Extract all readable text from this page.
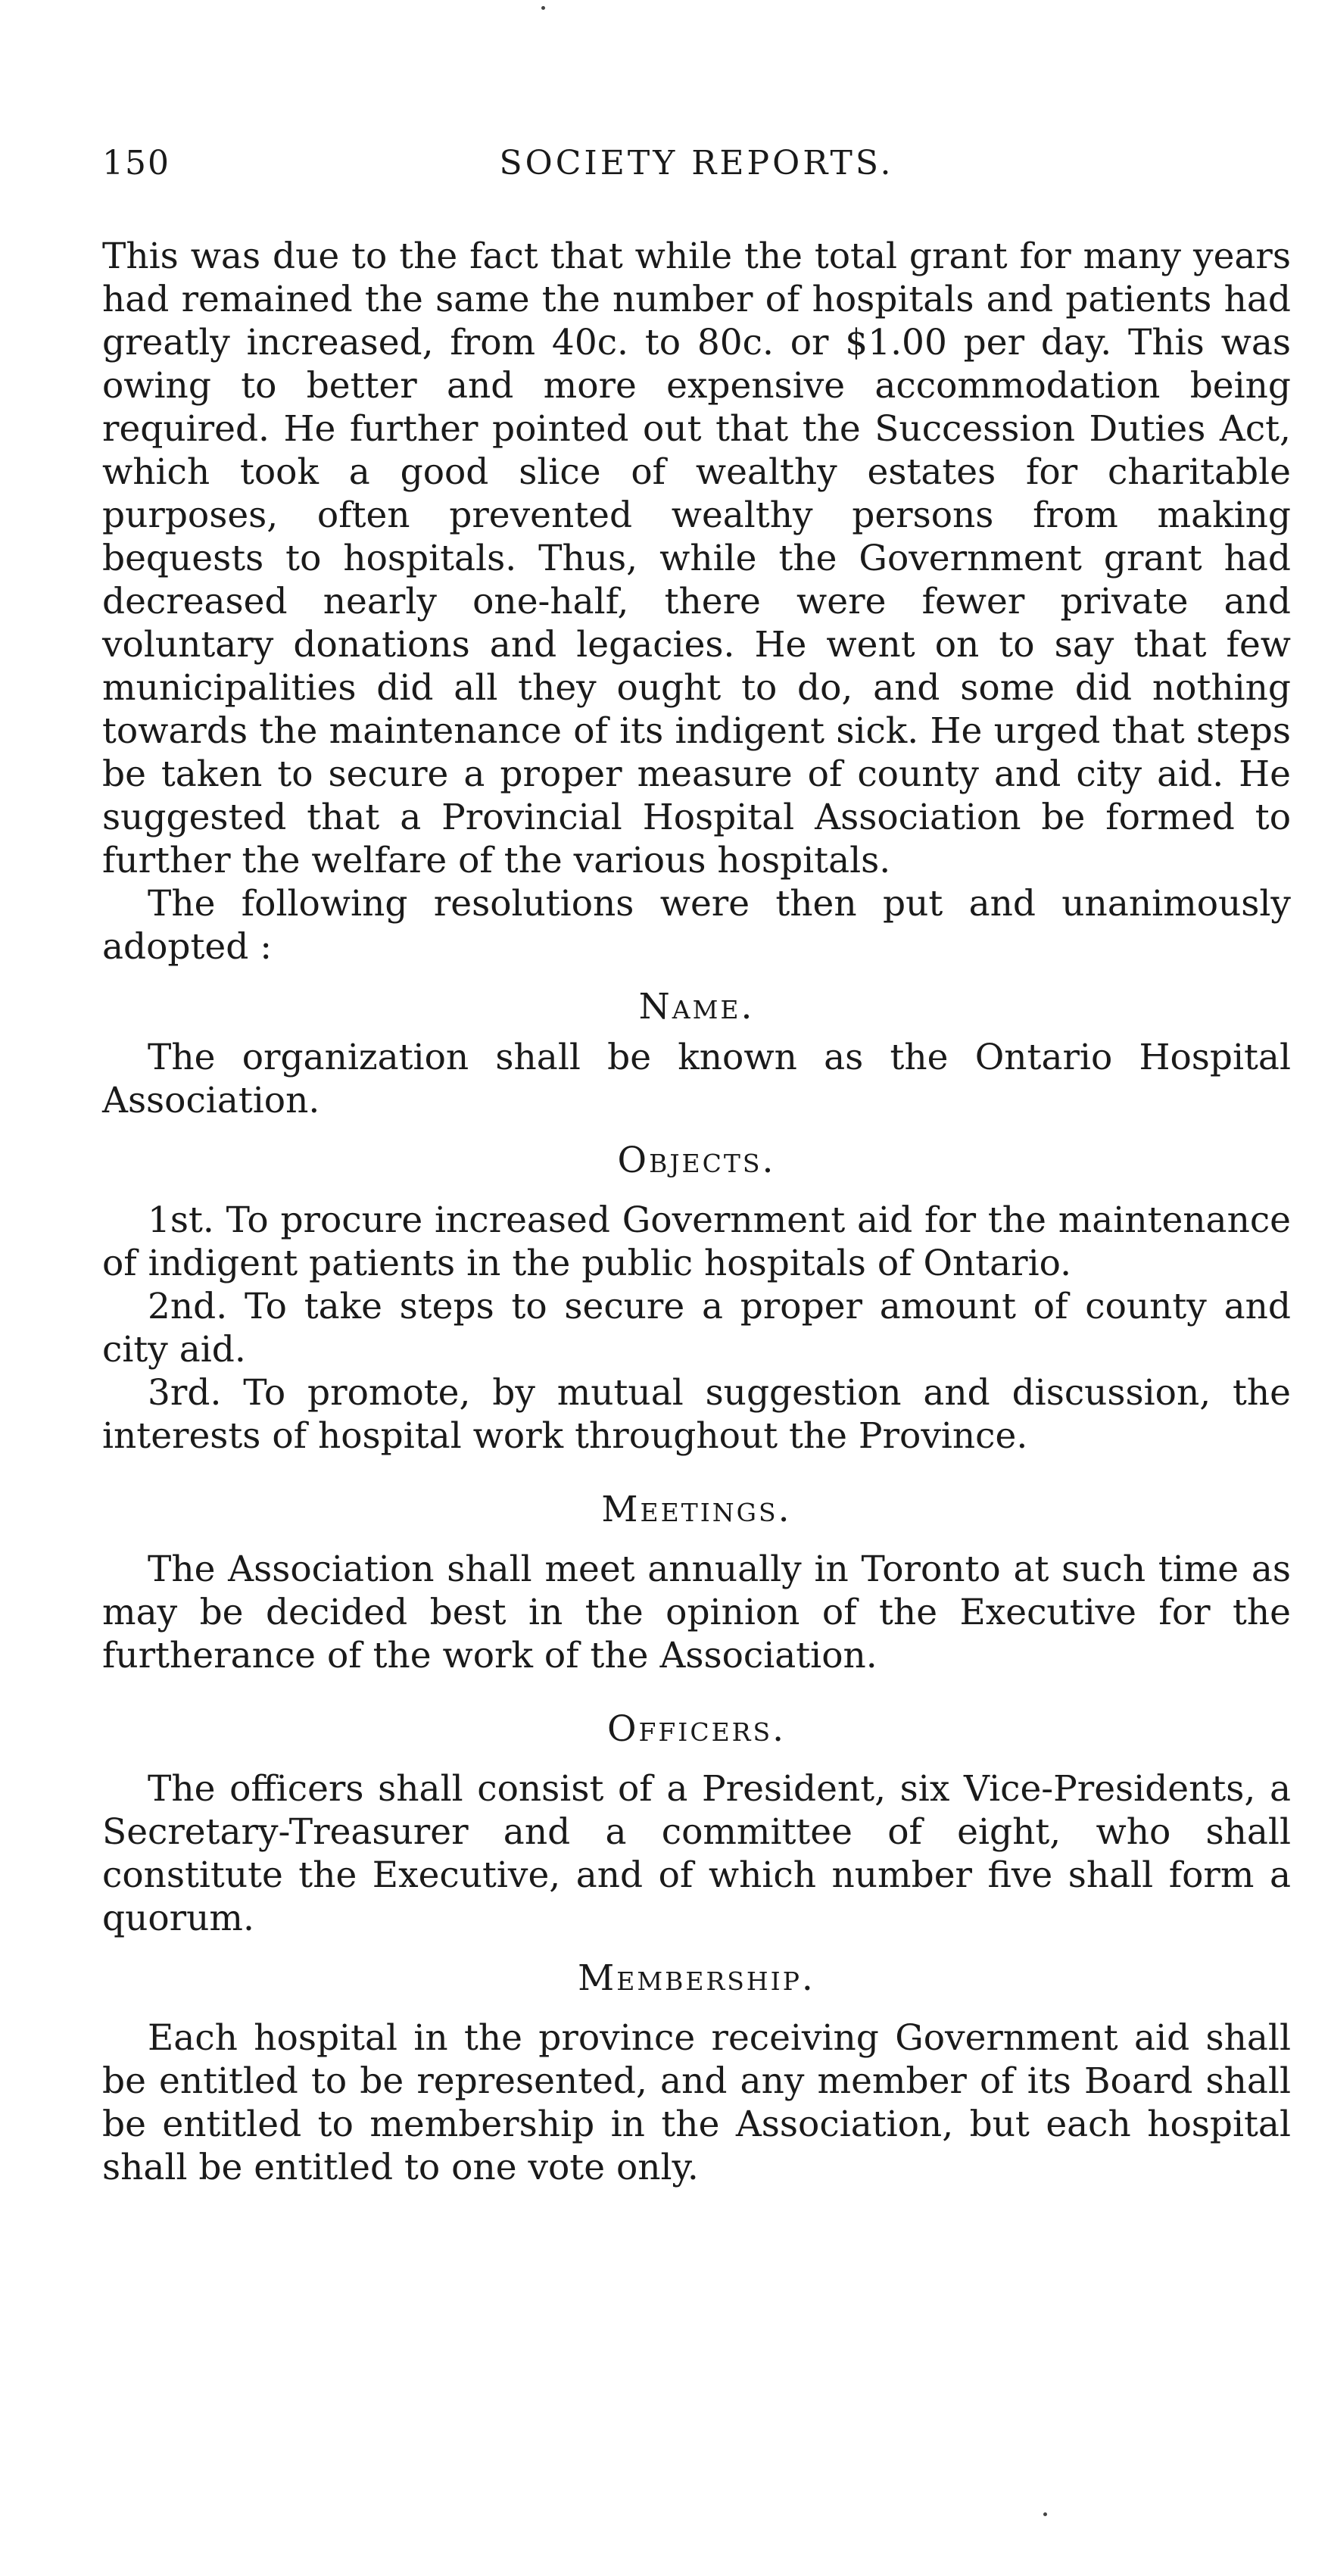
150	SOCIETY REPORTS.

This was due to the fact that while the total grant for many years had remained the same the number of hospitals and patients had greatly increased, from 40c. to 80c. or $1.00 per day. This was owing to better and more expensive accommodation being required. He further pointed out that the Succession Duties Act, which took a good slice of wealthy estates for charitable purposes, often prevented wealthy persons from making bequests to hospitals. Thus, while the Government grant had decreased nearly one-half, there were fewer private and voluntary donations and legacies. He went on to say that few municipalities did all they ought to do, and some did nothing towards the maintenance of its indigent sick. He urged that steps be taken to secure a proper measure of county and city aid. He suggested that a Provincial Hospital Association be formed to further the welfare of the various hospitals.

The following resolutions were then put and unanimously adopted :

Name.

The organization shall be known as the Ontario Hospital Association.

Objects.

1st. To procure increased Government aid for the maintenance of indigent patients in the public hospitals of Ontario.

2nd. To take steps to secure a proper amount of county and city aid.

3rd. To promote, by mutual suggestion and discussion, the interests of hospital work throughout the Province.

Meetings.

The Association shall meet annually in Toronto at such time as may be decided best in the opinion of the Executive for the furtherance of the work of the Association.

Officers.

The officers shall consist of a President, six Vice-Presidents, a Secretary-Treasurer and a committee of eight, who shall constitute the Executive, and of which number five shall form a quorum.

Membership.

Each hospital in the province receiving Government aid shall be entitled to be represented, and any member of its Board shall be entitled to membership in the Association, but each hospital shall be entitled to one vote only.
